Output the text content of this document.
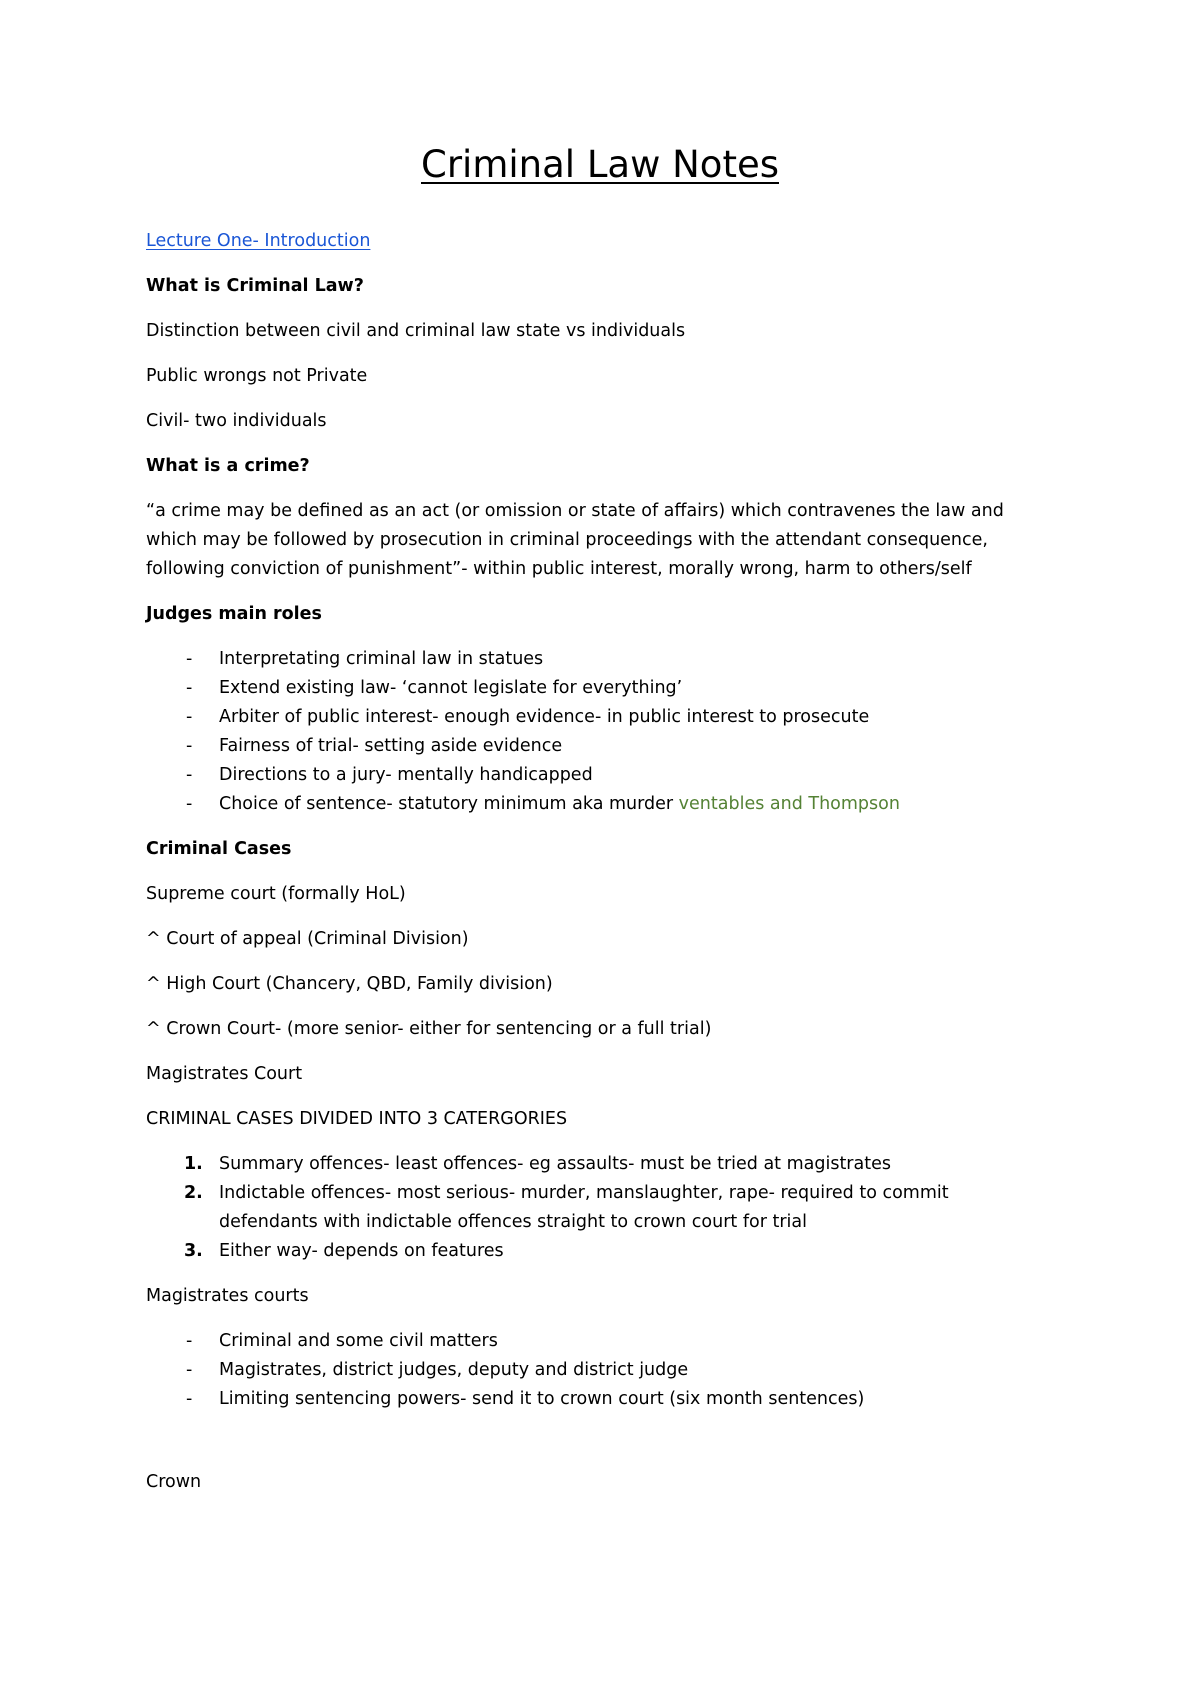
Criminal Law Notes
Lecture One- Introduction
What is Criminal Law?
Distinction between civil and criminal law state vs individuals
Public wrongs not Private
Civil- two individuals
What is a crime?
“a crime may be defined as an act (or omission or state of affairs) which contravenes the law and which may be followed by prosecution in criminal proceedings with the attendant consequence, following conviction of punishment”- within public interest, morally wrong, harm to others/self
Judges main roles
- Interpretating criminal law in statues
- Extend existing law- ‘cannot legislate for everything’
- Arbiter of public interest- enough evidence- in public interest to prosecute
- Fairness of trial- setting aside evidence
- Directions to a jury- mentally handicapped
- Choice of sentence- statutory minimum aka murder ventables and Thompson
Criminal Cases
Supreme court (formally HoL)
^ Court of appeal (Criminal Division)
^ High Court (Chancery, QBD, Family division)
^ Crown Court- (more senior- either for sentencing or a full trial)
Magistrates Court
CRIMINAL CASES DIVIDED INTO 3 CATERGORIES
1. Summary offences- least offences- eg assaults- must be tried at magistrates
2. Indictable offences- most serious- murder, manslaughter, rape- required to commit defendants with indictable offences straight to crown court for trial
3. Either way- depends on features
Magistrates courts
- Criminal and some civil matters
- Magistrates, district judges, deputy and district judge
- Limiting sentencing powers- send it to crown court (six month sentences)
Crown
